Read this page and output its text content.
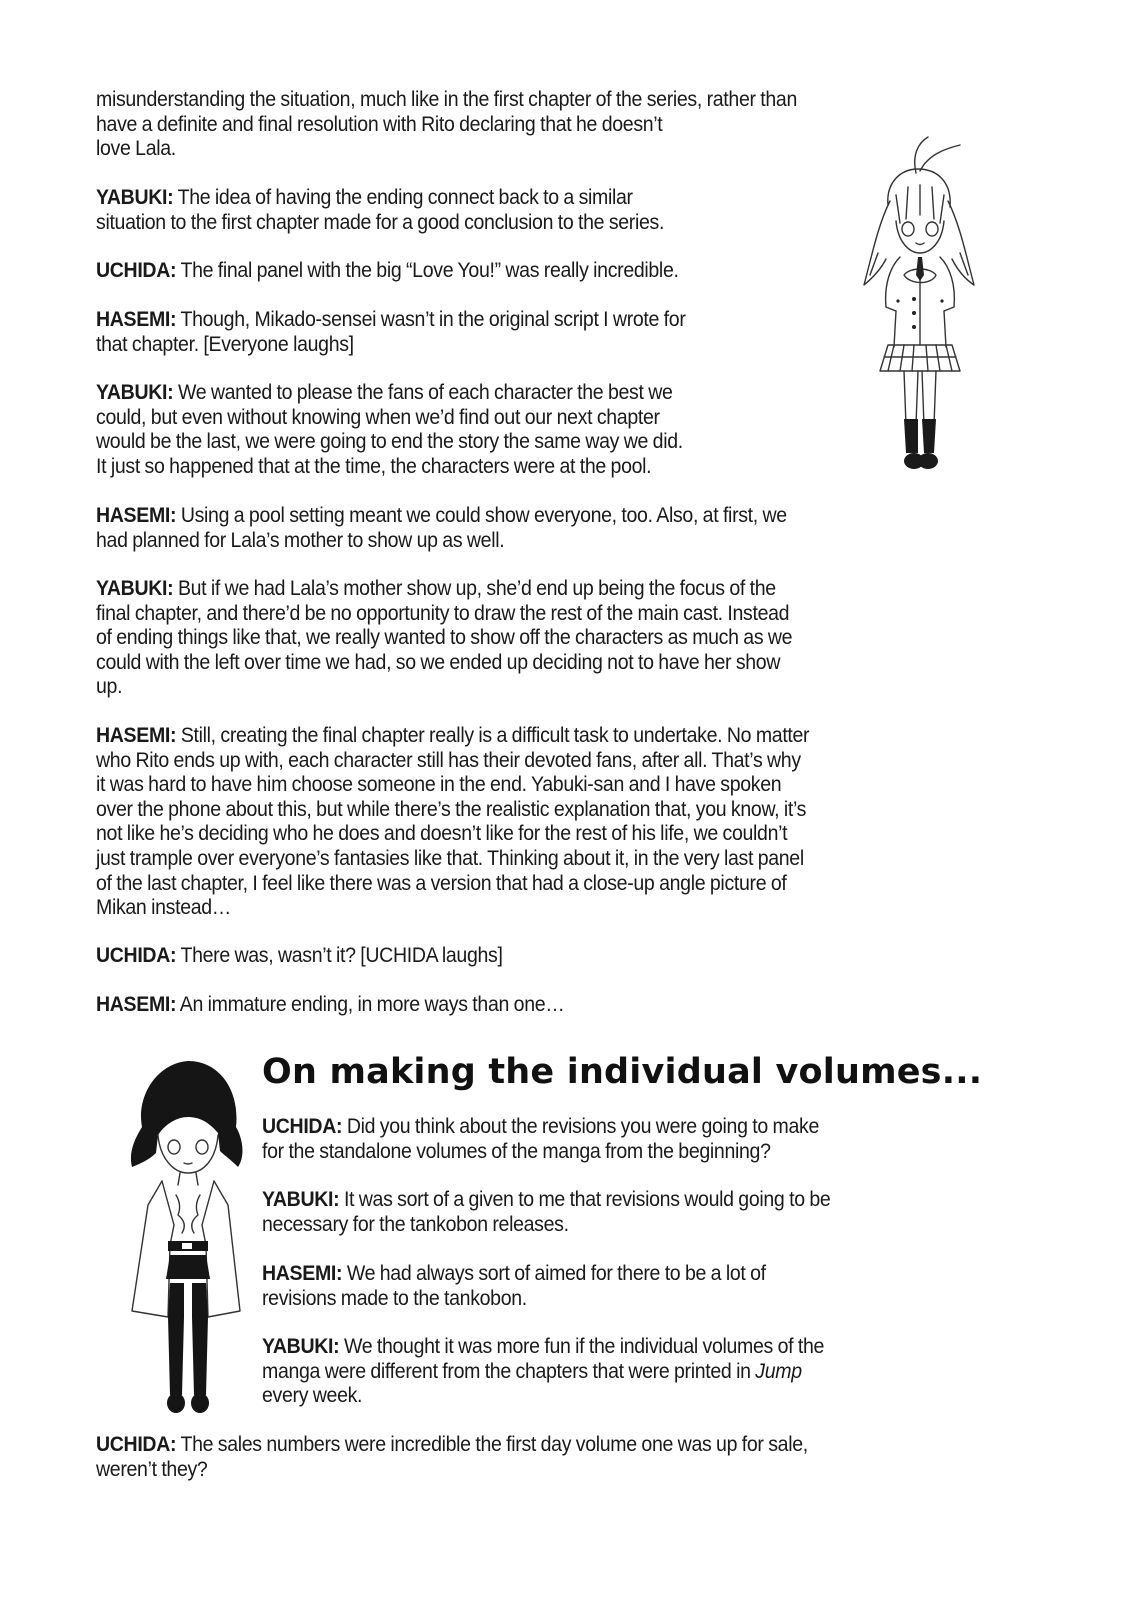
misunderstanding the situation, much like in the first chapter of the series, rather than
have a definite and final resolution with Rito declaring that he doesn’t
love Lala.

YABUKI: The idea of having the ending connect back to a similar
situation to the first chapter made for a good conclusion to the series.

UCHIDA: The final panel with the big “Love You!” was really incredible.

HASEMI: Though, Mikado-sensei wasn’t in the original script I wrote for
that chapter. [Everyone laughs]

YABUKI: We wanted to please the fans of each character the best we
could, but even without knowing when we’d find out our next chapter
would be the last, we were going to end the story the same way we did.
It just so happened that at the time, the characters were at the pool.

HASEMI: Using a pool setting meant we could show everyone, too. Also, at first, we
had planned for Lala’s mother to show up as well.

YABUKI: But if we had Lala’s mother show up, she’d end up being the focus of the
final chapter, and there’d be no opportunity to draw the rest of the main cast. Instead
of ending things like that, we really wanted to show off the characters as much as we
could with the left over time we had, so we ended up deciding not to have her show
up.

HASEMI: Still, creating the final chapter really is a difficult task to undertake. No matter
who Rito ends up with, each character still has their devoted fans, after all. That’s why
it was hard to have him choose someone in the end. Yabuki-san and I have spoken
over the phone about this, but while there’s the realistic explanation that, you know, it’s
not like he’s deciding who he does and doesn’t like for the rest of his life, we couldn’t
just trample over everyone’s fantasies like that. Thinking about it, in the very last panel
of the last chapter, I feel like there was a version that had a close-up angle picture of
Mikan instead…

UCHIDA: There was, wasn’t it? [UCHIDA laughs]

HASEMI: An immature ending, in more ways than one…

On making the individual volumes...

UCHIDA: Did you think about the revisions you were going to make
for the standalone volumes of the manga from the beginning?

YABUKI: It was sort of a given to me that revisions would going to be
necessary for the tankobon releases.

HASEMI: We had always sort of aimed for there to be a lot of
revisions made to the tankobon.

YABUKI: We thought it was more fun if the individual volumes of the
manga were different from the chapters that were printed in Jump
every week.

UCHIDA: The sales numbers were incredible the first day volume one was up for sale,
weren’t they?
